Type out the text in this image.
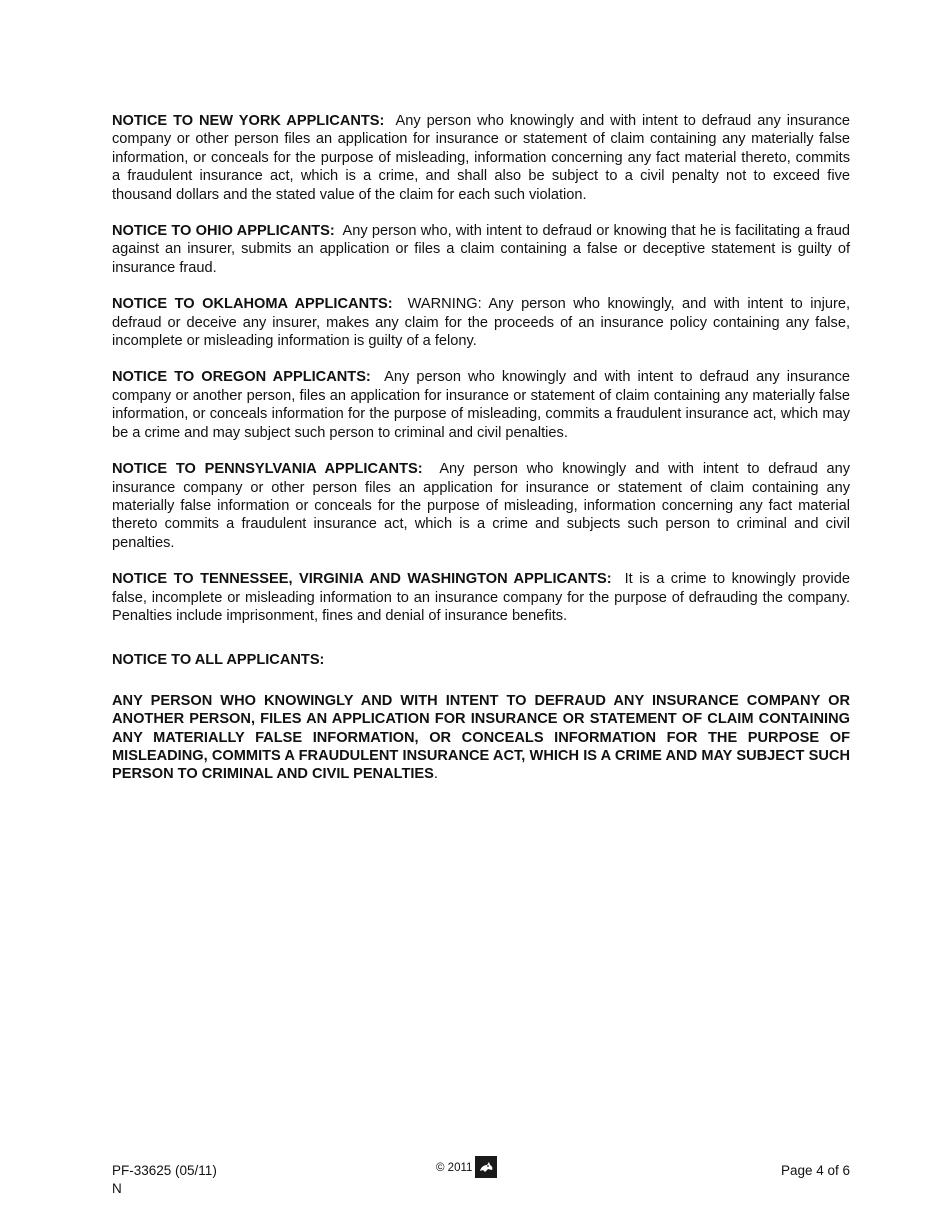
NOTICE TO NEW YORK APPLICANTS: Any person who knowingly and with intent to defraud any insurance company or other person files an application for insurance or statement of claim containing any materially false information, or conceals for the purpose of misleading, information concerning any fact material thereto, commits a fraudulent insurance act, which is a crime, and shall also be subject to a civil penalty not to exceed five thousand dollars and the stated value of the claim for each such violation.

NOTICE TO OHIO APPLICANTS: Any person who, with intent to defraud or knowing that he is facilitating a fraud against an insurer, submits an application or files a claim containing a false or deceptive statement is guilty of insurance fraud.

NOTICE TO OKLAHOMA APPLICANTS: WARNING: Any person who knowingly, and with intent to injure, defraud or deceive any insurer, makes any claim for the proceeds of an insurance policy containing any false, incomplete or misleading information is guilty of a felony.

NOTICE TO OREGON APPLICANTS: Any person who knowingly and with intent to defraud any insurance company or another person, files an application for insurance or statement of claim containing any materially false information, or conceals information for the purpose of misleading, commits a fraudulent insurance act, which may be a crime and may subject such person to criminal and civil penalties.

NOTICE TO PENNSYLVANIA APPLICANTS: Any person who knowingly and with intent to defraud any insurance company or other person files an application for insurance or statement of claim containing any materially false information or conceals for the purpose of misleading, information concerning any fact material thereto commits a fraudulent insurance act, which is a crime and subjects such person to criminal and civil penalties.

NOTICE TO TENNESSEE, VIRGINIA AND WASHINGTON APPLICANTS: It is a crime to knowingly provide false, incomplete or misleading information to an insurance company for the purpose of defrauding the company. Penalties include imprisonment, fines and denial of insurance benefits.

NOTICE TO ALL APPLICANTS:

ANY PERSON WHO KNOWINGLY AND WITH INTENT TO DEFRAUD ANY INSURANCE COMPANY OR ANOTHER PERSON, FILES AN APPLICATION FOR INSURANCE OR STATEMENT OF CLAIM CONTAINING ANY MATERIALLY FALSE INFORMATION, OR CONCEALS INFORMATION FOR THE PURPOSE OF MISLEADING, COMMITS A FRAUDULENT INSURANCE ACT, WHICH IS A CRIME AND MAY SUBJECT SUCH PERSON TO CRIMINAL AND CIVIL PENALTIES.

PF-33625 (05/11)
N
© 2011	Page 4 of 6
